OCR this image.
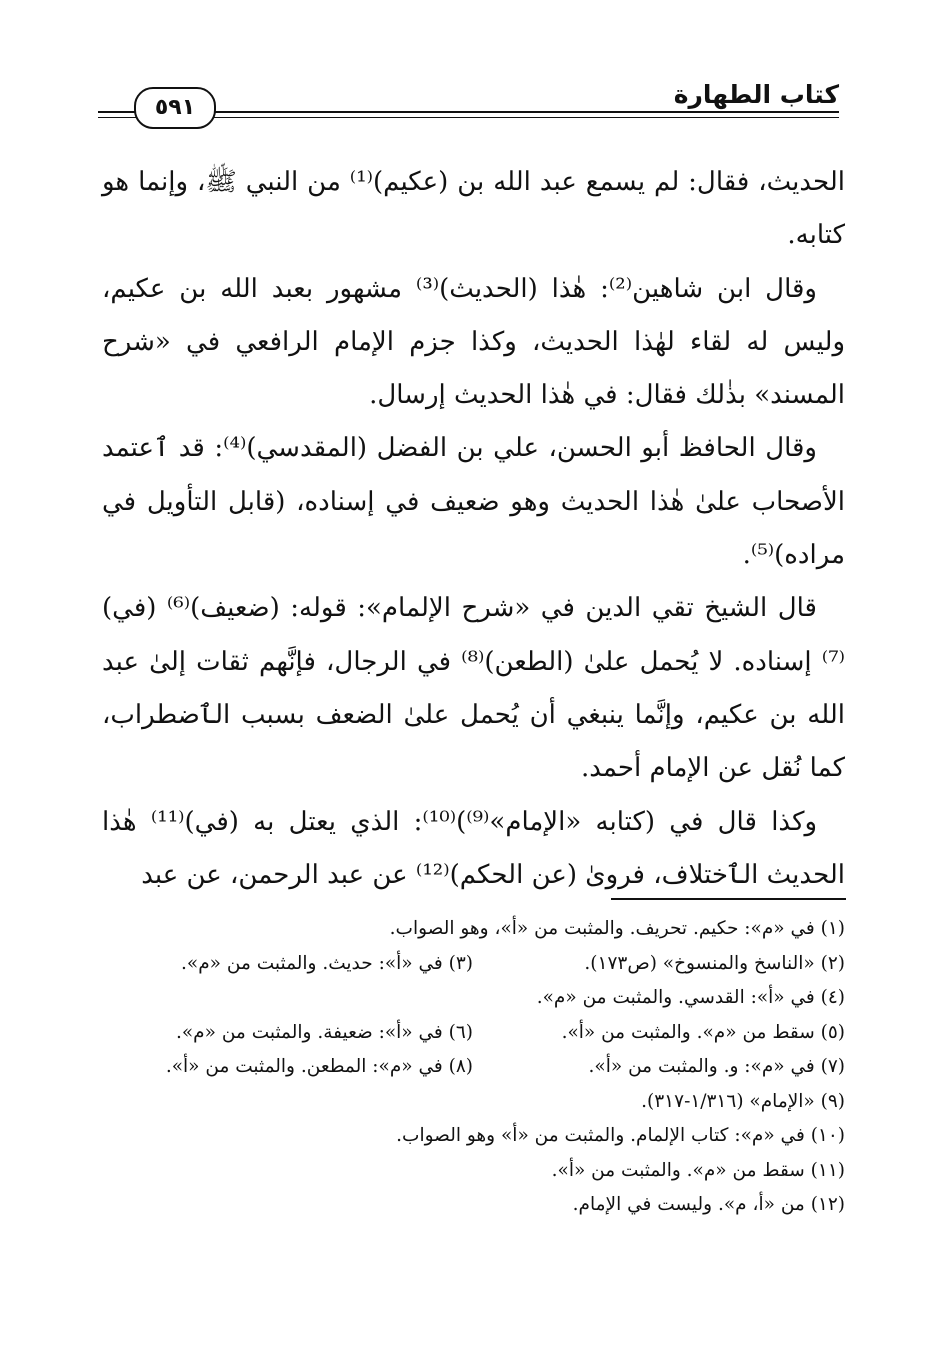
كتاب الطهارة
٥٩١

الحديث، فقال: لم يسمع عبد الله بن (عكيم)⁽¹⁾ من النبي ﷺ، وإنما هو كتابه.

وقال ابن شاهين⁽²⁾: هٰذا (الحديث)⁽³⁾ مشهور بعبد الله بن عكيم، وليس له لقاء لهٰذا الحديث، وكذا جزم الإمام الرافعي في «شرح المسند» بذٰلك فقال: في هٰذا الحديث إرسال.

وقال الحافظ أبو الحسن، علي بن الفضل (المقدسي)⁽⁴⁾: قد ٱعتمد الأصحاب علىٰ هٰذا الحديث وهو ضعيف في إسناده، (قابل التأويل في مراده)⁽⁵⁾.

قال الشيخ تقي الدين في «شرح الإلمام»: قوله: (ضعيف)⁽⁶⁾ (في)⁽⁷⁾ إسناده. لا يُحمل علىٰ (الطعن)⁽⁸⁾ في الرجال، فإنَّهم ثقات إلىٰ عبد الله بن عكيم، وإنَّما ينبغي أن يُحمل علىٰ الضعف بسبب الٱضطراب، كما نُقل عن الإمام أحمد.

وكذا قال في (كتابه «الإمام»⁽⁹⁾)⁽¹⁰⁾: الذي يعتل به (في)⁽¹¹⁾ هٰذا الحديث الٱختلاف، فرویٰ (عن الحكم)⁽¹²⁾ عن عبد الرحمن، عن عبد

(١) في «م»: حكيم. تحريف. والمثبت من «أ»، وهو الصواب.
(٢) «الناسخ والمنسوخ» (ص١٧٣).
(٣) في «أ»: حديث. والمثبت من «م».
(٤) في «أ»: القدسي. والمثبت من «م».
(٥) سقط من «م». والمثبت من «أ».
(٦) في «أ»: ضعيفة. والمثبت من «م».
(٧) في «م»: و. والمثبت من «أ».
(٨) في «م»: المطعن. والمثبت من «أ».
(٩) «الإمام» (١/٣١٦-٣١٧).
(١٠) في «م»: كتاب الإلمام. والمثبت من «أ» وهو الصواب.
(١١) سقط من «م». والمثبت من «أ».
(١٢) من «أ، م». وليست في الإمام.
